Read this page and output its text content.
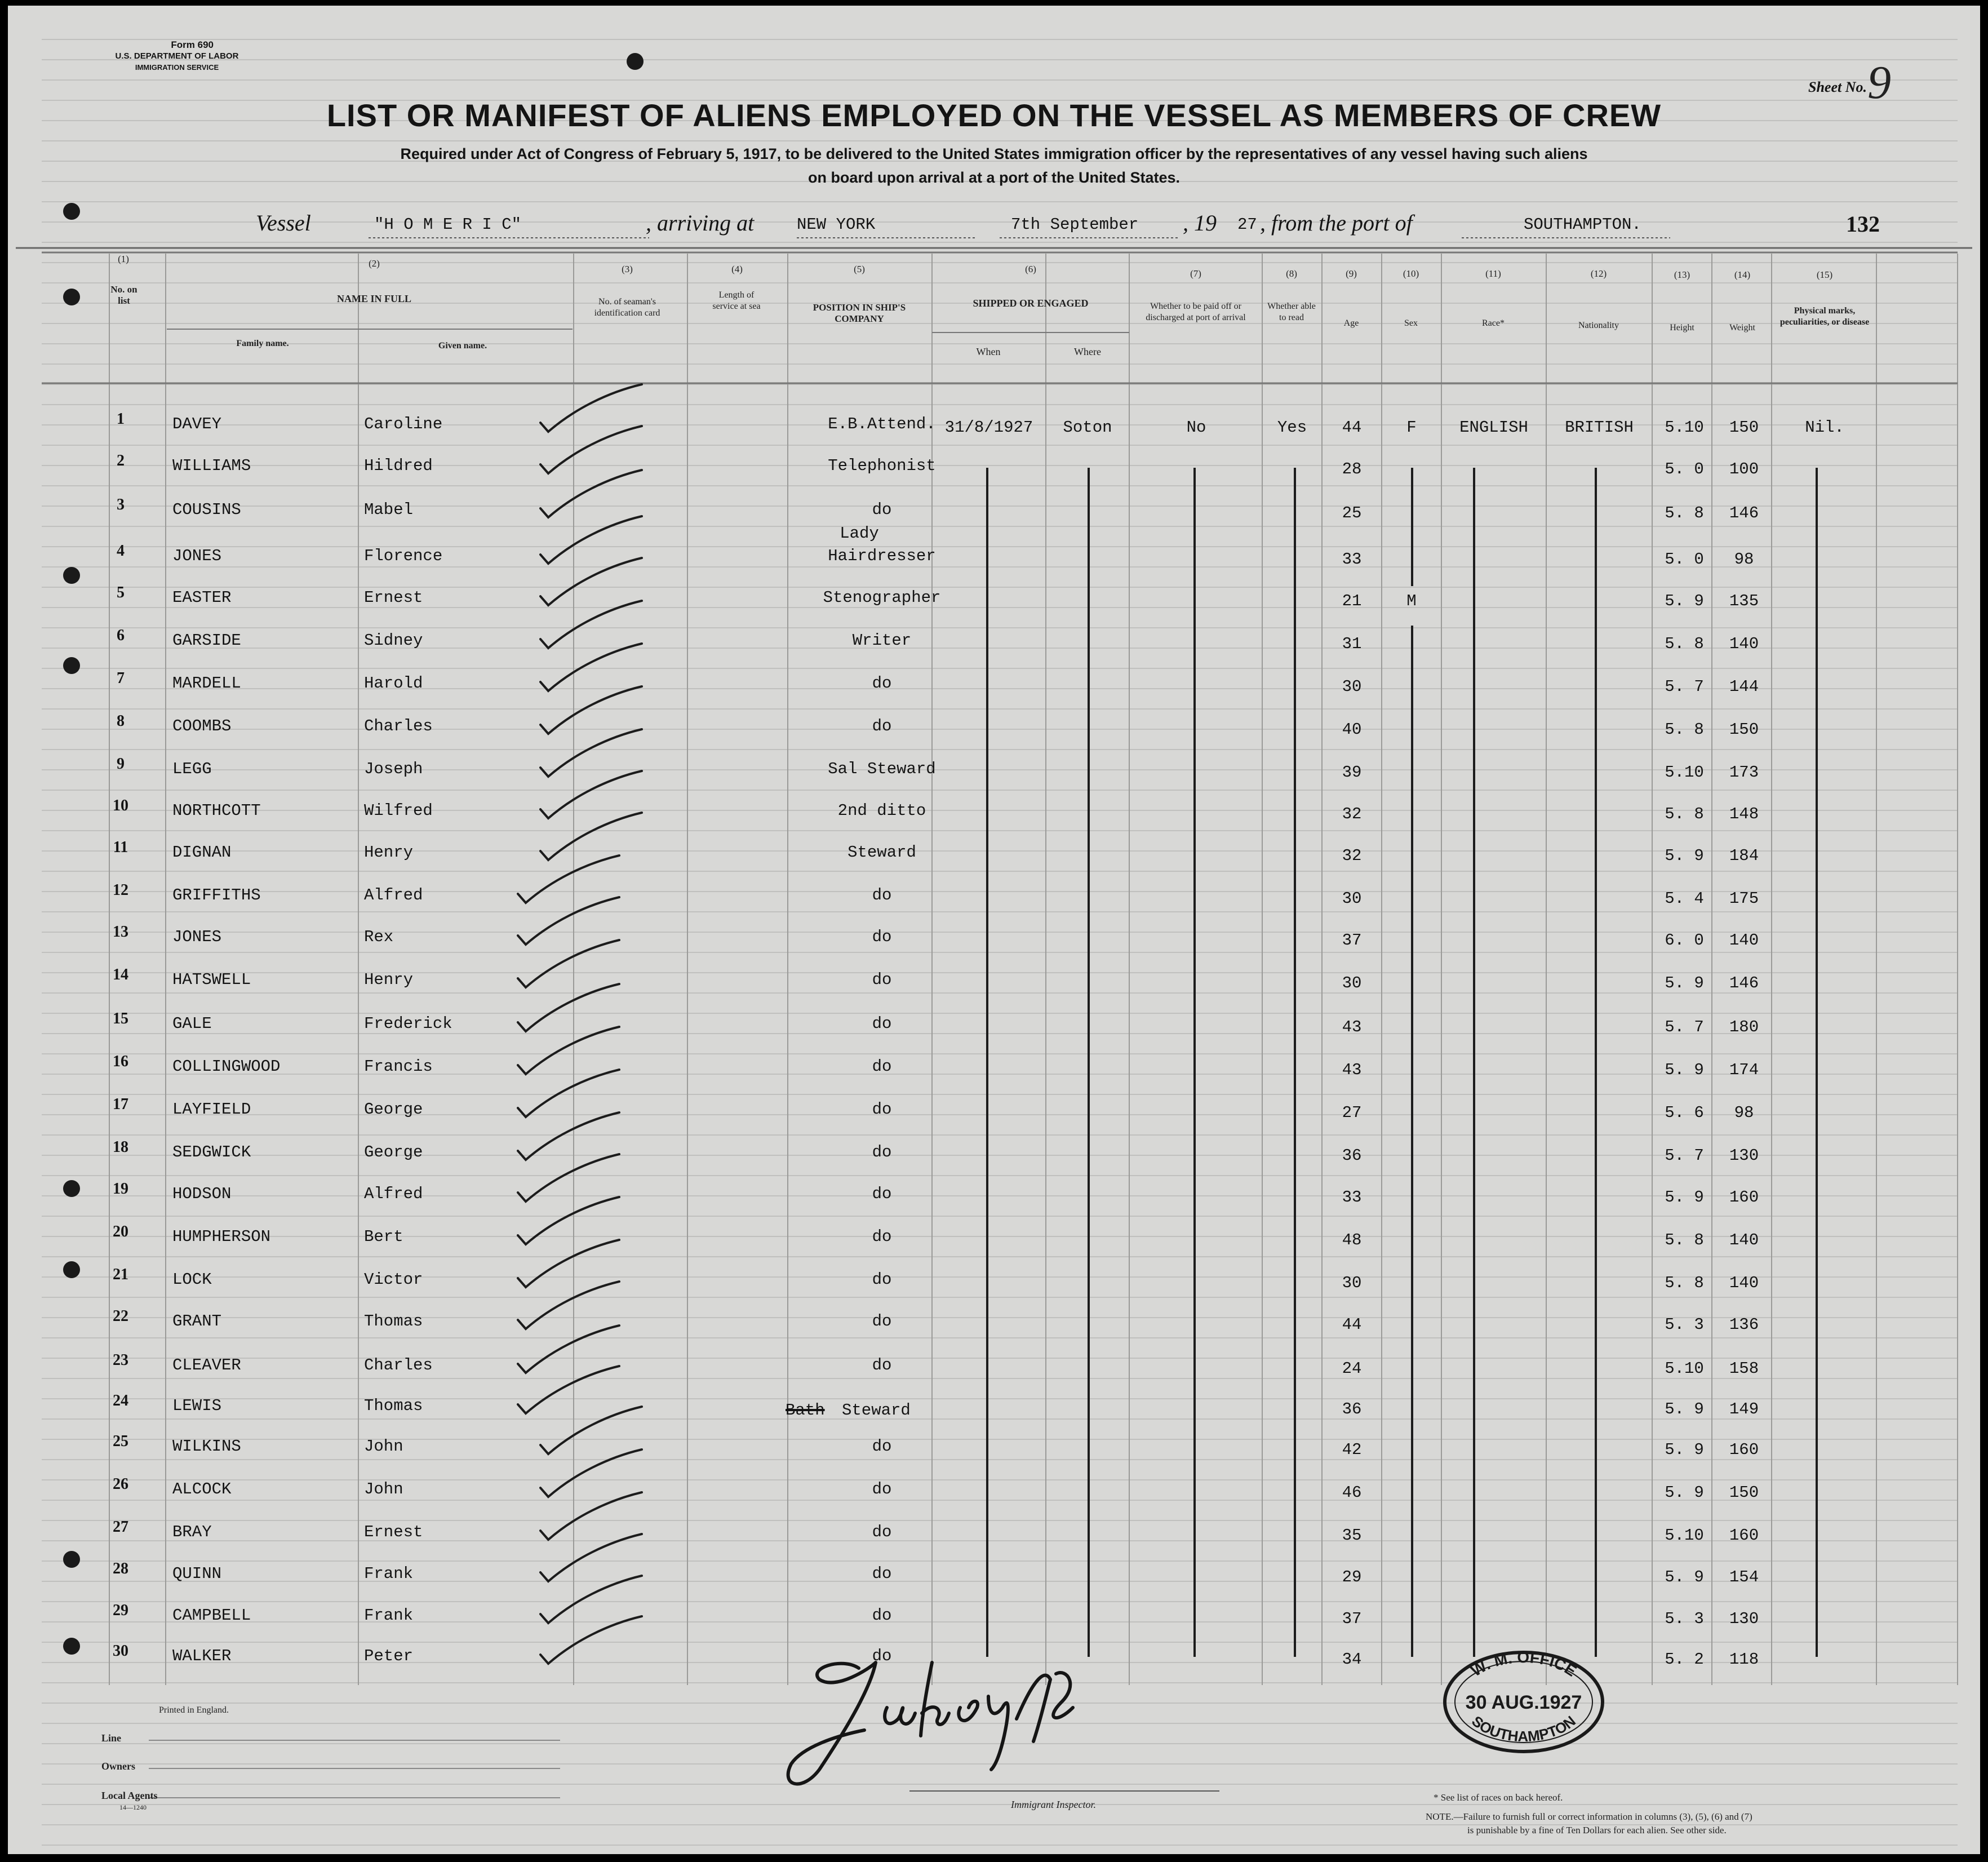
Form 690
U.S. DEPARTMENT OF LABOR
IMMIGRATION SERVICE
Sheet No. 9
LIST OR MANIFEST OF ALIENS EMPLOYED ON THE VESSEL AS MEMBERS OF CREW
Required under Act of Congress of February 5, 1917, to be delivered to the United States immigration officer by the representatives of any vessel having such aliens
on board upon arrival at a port of the United States.
Vessel	"H O M E R I C"	, arriving at	NEW YORK	7th September , 19 27 , from the port of	SOUTHAMPTON.	132
(1)
No. on list
(2)
NAME IN FULL
Family name.	Given name.
(3)
No. of seaman's identification card
(4)
Length of service at sea
(5)
POSITION IN SHIP'S COMPANY
(6)
SHIPPED OR ENGAGED
When	Where
(7)
Whether to be paid off or discharged at port of arrival
(8)
Whether able to read
(9)
Age
(10)
Sex
(11)
Race*
(12)
Nationality
(13)
Height
(14)
Weight
(15)
Physical marks, peculiarities, or disease
1	DAVEY	Caroline	E.B.Attend. 31/8/1927	Soton	No	Yes	44	F	ENGLISH	BRITISH	5.10	150	Nil.
2	WILLIAMS	Hildred	Telephonist	28	5. 0	100
3	COUSINS	Mabel	do	25	5. 8	146
4	JONES	Florence
Lady
Hairdresser	33	5. 0	98
5	EASTER	Ernest	Stenographer	21	M	5. 9	135
6	GARSIDE	Sidney	Writer	31	5. 8	140
7	MARDELL	Harold	do	30	5. 7	144
8	COOMBS	Charles	do	40	5. 8	150
9	LEGG	Joseph	Sal Steward	39	5.10	173
10	NORTHCOTT	Wilfred	2nd ditto	32	5. 8	148
11	DIGNAN	Henry	Steward	32	5. 9	184
12	GRIFFITHS	Alfred	do	30	5. 4	175
13	JONES	Rex	do	37	6. 0	140
14	HATSWELL	Henry	do	30	5. 9	146
15	GALE	Frederick	do	43	5. 7	180
16	COLLINGWOOD	Francis	do	43	5. 9	174
17	LAYFIELD	George	do	27	5. 6	98
18	SEDGWICK	George	do	36	5. 7	130
19	HODSON	Alfred	do	33	5. 9	160
20	HUMPHERSON	Bert	do	48	5. 8	140
21	LOCK	Victor	do	30	5. 8	140
22	GRANT	Thomas	do	44	5. 3	136
23	CLEAVER	Charles	do	24	5.10	158
24	LEWIS	Thomas	Bath Steward	36	5. 9	149
25	WILKINS	John	do	42	5. 9	160
26	ALCOCK	John	do	46	5. 9	150
27	BRAY	Ernest	do	35	5.10	160
28	QUINN	Frank	do	29	5. 9	154
29	CAMPBELL	Frank	do	37	5. 3	130
30	WALKER	Peter	do	34	5. 2	118
W. M. OFFICE
30 AUG.1927
SOUTHAMPTON
Printed in England.
Line
Owners
Local Agents
14—1240	Immigrant Inspector.
* See list of races on back hereof.
NOTE.—Failure to furnish full or correct information in columns (3), (5), (6) and (7)
is punishable by a fine of Ten Dollars for each alien. See other side.
